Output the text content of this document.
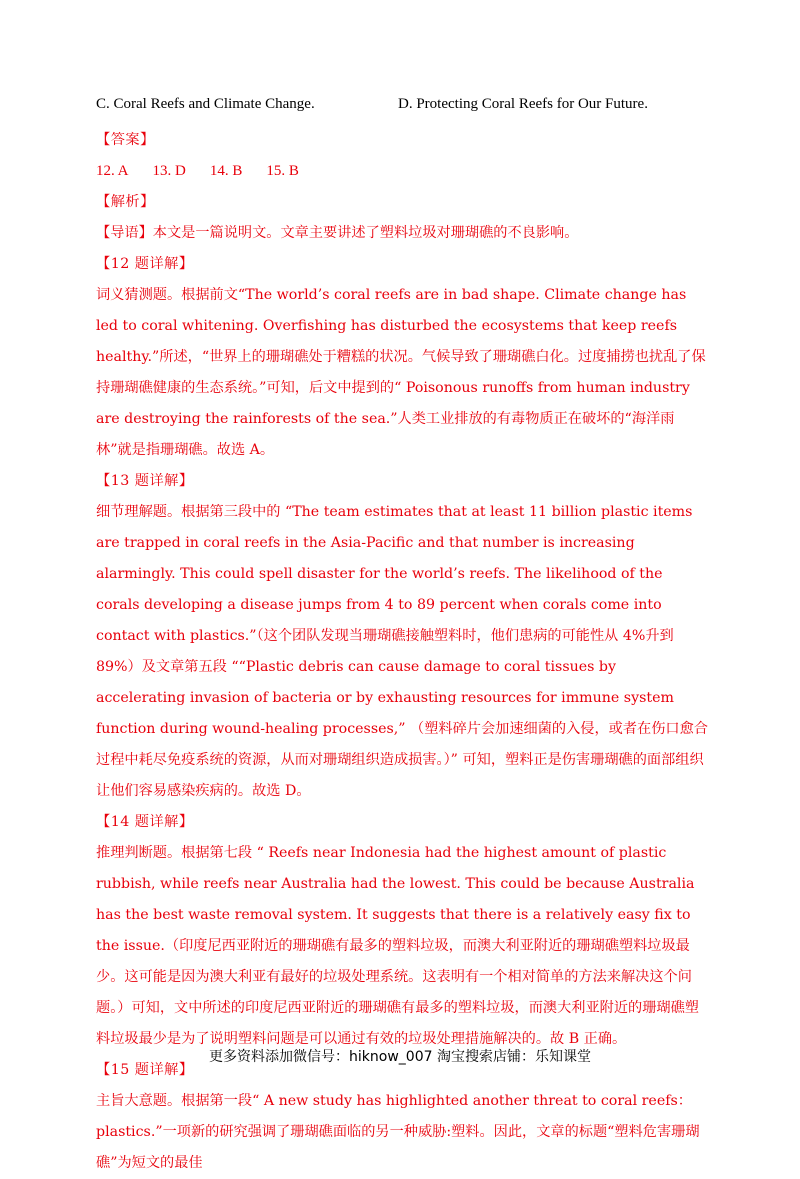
C. Coral Reefs and Climate Change.	D. Protecting Coral Reefs for Our Future.

【答案】

12. A 13. D 14. B 15. B

【解析】

【导语】本文是一篇说明文。文章主要讲述了塑料垃圾对珊瑚礁的不良影响。

【12 题详解】

词义猜测题。根据前文“The world’s coral reefs are in bad shape. Climate change has led to coral whitening. Overfishing has disturbed the ecosystems that keep reefs healthy.”所述，“世界上的珊瑚礁处于糟糕的状况。气候导致了珊瑚礁白化。过度捕捞也扰乱了保持珊瑚礁健康的生态系统。”可知，后文中提到的“ Poisonous runoffs from human industry are destroying the rainforests of the sea.”人类工业排放的有毒物质正在破坏的“海洋雨林”就是指珊瑚礁。故选 A。

【13 题详解】

细节理解题。根据第三段中的 “The team estimates that at least 11 billion plastic items are trapped in coral reefs in the Asia-Pacific and that number is increasing alarmingly. This could spell disaster for the world’s reefs. The likelihood of the corals developing a disease jumps from 4 to 89 percent when corals come into contact with plastics.”（这个团队发现当珊瑚礁接触塑料时，他们患病的可能性从 4%升到 89%）及文章第五段 ““Plastic debris can cause damage to coral tissues by accelerating invasion of bacteria or by exhausting resources for immune system function during wound-healing processes,” （塑料碎片会加速细菌的入侵，或者在伤口愈合过程中耗尽免疫系统的资源，从而对珊瑚组织造成损害。）” 可知，塑料正是伤害珊瑚礁的面部组织让他们容易感染疾病的。故选 D。

【14 题详解】

推理判断题。根据第七段 “ Reefs near Indonesia had the highest amount of plastic rubbish, while reefs near Australia had the lowest. This could be because Australia has the best waste removal system. It suggests that there is a relatively easy fix to the issue.（印度尼西亚附近的珊瑚礁有最多的塑料垃圾，而澳大利亚附近的珊瑚礁塑料垃圾最少。这可能是因为澳大利亚有最好的垃圾处理系统。这表明有一个相对简单的方法来解决这个问题。）可知，文中所述的印度尼西亚附近的珊瑚礁有最多的塑料垃圾，而澳大利亚附近的珊瑚礁塑料垃圾最少是为了说明塑料问题是可以通过有效的垃圾处理措施解决的。故 B 正确。

【15 题详解】

主旨大意题。根据第一段“ A new study has highlighted another threat to coral reefs：plastics.”一项新的研究强调了珊瑚礁面临的另一种威胁:塑料。因此，文章的标题“塑料危害珊瑚礁”为短文的最佳

更多资料添加微信号：hiknow_007 淘宝搜索店铺：乐知课堂
